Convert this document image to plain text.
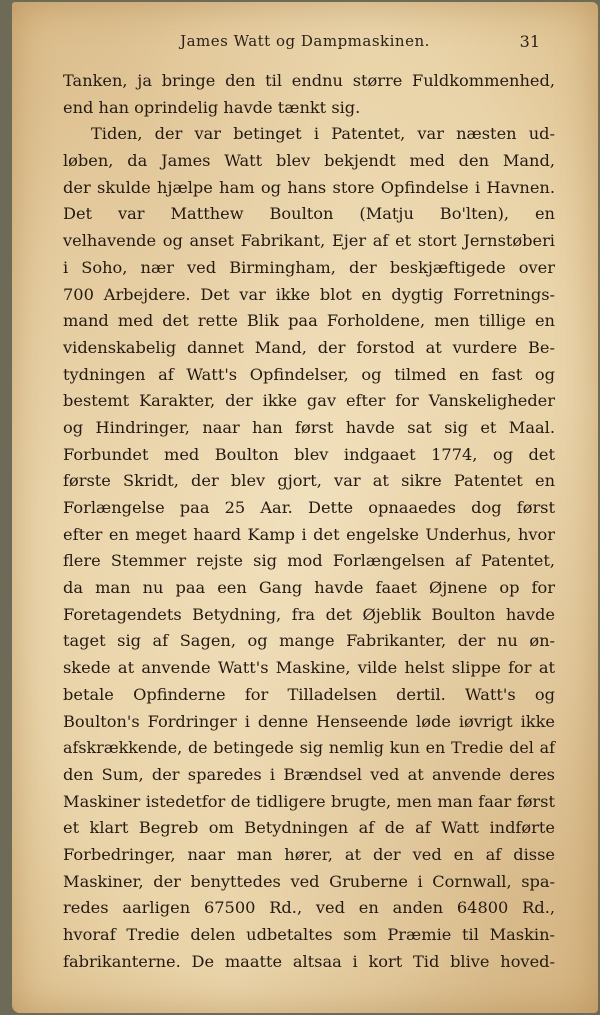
James Watt og Dampmaskinen.	31
Tanken, ja bringe den til endnu større Fuldkommenhed,
end han oprindelig havde tænkt sig.
Tiden, der var betinget i Patentet, var næsten ud-
løben, da James Watt blev bekjendt med den Mand,
der skulde hjælpe ham og hans store Opfindelse i Havnen.
Det var Matthew Boulton (Matju Bo'lten), en
velhavende og anset Fabrikant, Ejer af et stort Jernstøberi
i Soho, nær ved Birmingham, der beskjæftigede over
700 Arbejdere. Det var ikke blot en dygtig Forretnings-
mand med det rette Blik paa Forholdene, men tillige en
videnskabelig dannet Mand, der forstod at vurdere Be-
tydningen af Watt's Opfindelser, og tilmed en fast og
bestemt Karakter, der ikke gav efter for Vanskeligheder
og Hindringer, naar han først havde sat sig et Maal.
Forbundet med Boulton blev indgaaet 1774, og det
første Skridt, der blev gjort, var at sikre Patentet en
Forlængelse paa 25 Aar. Dette opnaaedes dog først
efter en meget haard Kamp i det engelske Underhus, hvor
flere Stemmer rejste sig mod Forlængelsen af Patentet,
da man nu paa een Gang havde faaet Øjnene op for
Foretagendets Betydning, fra det Øjeblik Boulton havde
taget sig af Sagen, og mange Fabrikanter, der nu øn-
skede at anvende Watt's Maskine, vilde helst slippe for at
betale Opfinderne for Tilladelsen dertil. Watt's og
Boulton's Fordringer i denne Henseende løde iøvrigt ikke
afskrækkende, de betingede sig nemlig kun en Tredie del af
den Sum, der sparedes i Brændsel ved at anvende deres
Maskiner istedetfor de tidligere brugte, men man faar først
et klart Begreb om Betydningen af de af Watt indførte
Forbedringer, naar man hører, at der ved en af disse
Maskiner, der benyttedes ved Gruberne i Cornwall, spa-
redes aarligen 67500 Rd., ved en anden 64800 Rd.,
hvoraf Tredie delen udbetaltes som Præmie til Maskin-
fabrikanterne. De maatte altsaa i kort Tid blive hoved-
